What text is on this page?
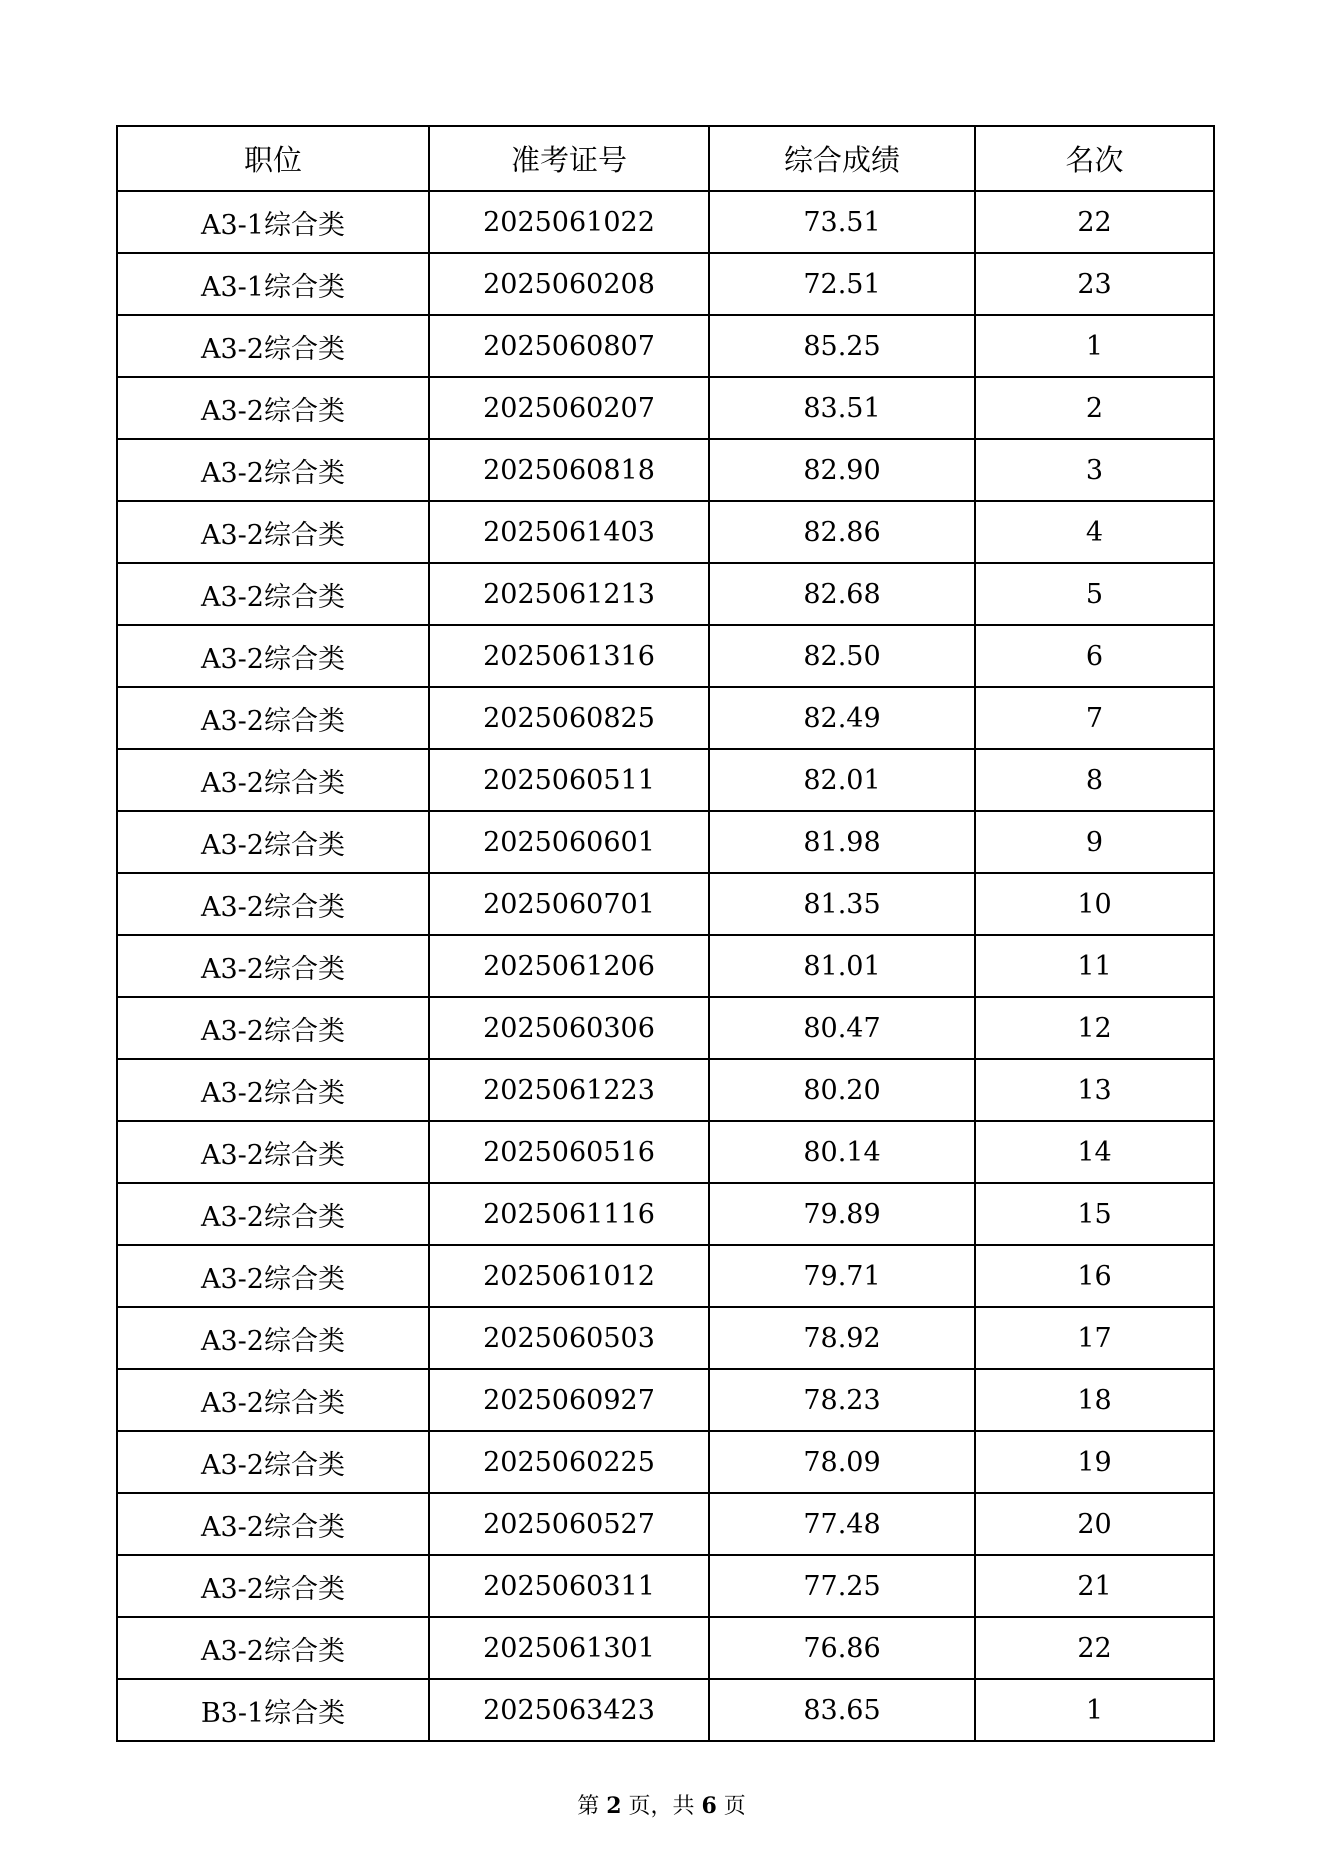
职位	准考证号	综合成绩	名次
A3-1综合类	2025061022	73.51	22
A3-1综合类	2025060208	72.51	23
A3-2综合类	2025060807	85.25	1
A3-2综合类	2025060207	83.51	2
A3-2综合类	2025060818	82.90	3
A3-2综合类	2025061403	82.86	4
A3-2综合类	2025061213	82.68	5
A3-2综合类	2025061316	82.50	6
A3-2综合类	2025060825	82.49	7
A3-2综合类	2025060511	82.01	8
A3-2综合类	2025060601	81.98	9
A3-2综合类	2025060701	81.35	10
A3-2综合类	2025061206	81.01	11
A3-2综合类	2025060306	80.47	12
A3-2综合类	2025061223	80.20	13
A3-2综合类	2025060516	80.14	14
A3-2综合类	2025061116	79.89	15
A3-2综合类	2025061012	79.71	16
A3-2综合类	2025060503	78.92	17
A3-2综合类	2025060927	78.23	18
A3-2综合类	2025060225	78.09	19
A3-2综合类	2025060527	77.48	20
A3-2综合类	2025060311	77.25	21
A3-2综合类	2025061301	76.86	22
B3-1综合类	2025063423	83.65	1
第 2 页，共 6 页
